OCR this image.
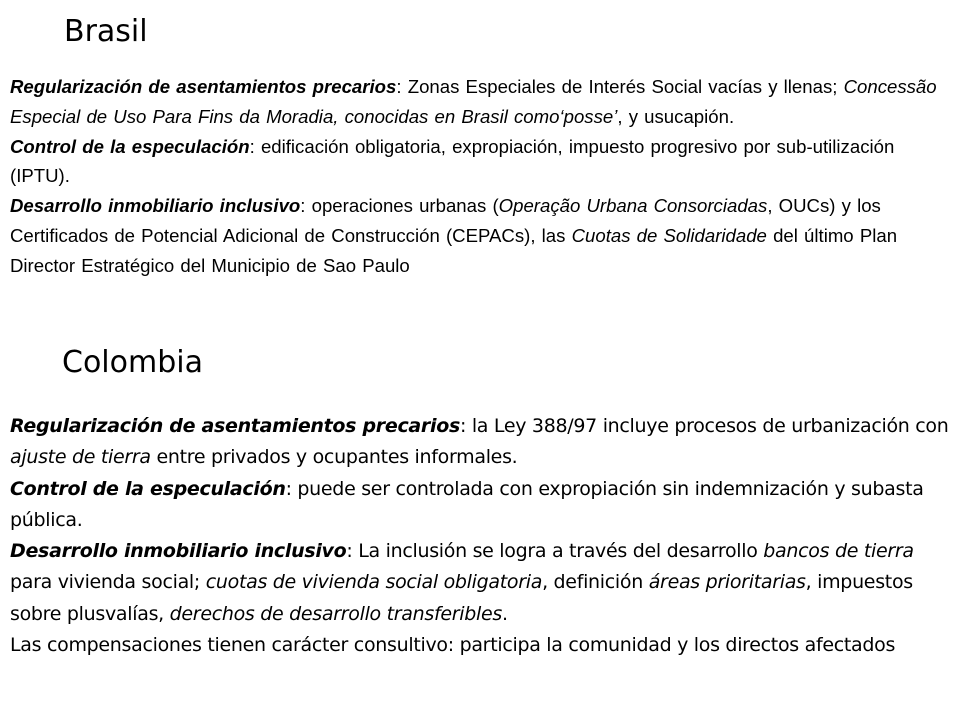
Brasil

Regularización de asentamientos precarios: Zonas Especiales de Interés Social vacías y llenas; Concessão Especial de Uso Para Fins da Moradia, conocidas en Brasil como‘posse’, y usucapión.

Control de la especulación: edificación obligatoria, expropiación, impuesto progresivo por sub-utilización (IPTU).

Desarrollo inmobiliario inclusivo: operaciones urbanas (Operação Urbana Consorciadas, OUCs) y los Certificados de Potencial Adicional de Construcción (CEPACs), las Cuotas de Solidaridade del último Plan Director Estratégico del Municipio de Sao Paulo

Colombia

Regularización de asentamientos precarios: la Ley 388/97 incluye procesos de urbanización con ajuste de tierra entre privados y ocupantes informales.

Control de la especulación: puede ser controlada con expropiación sin indemnización y subasta pública.

Desarrollo inmobiliario inclusivo: La inclusión se logra a través del desarrollo bancos de tierra para vivienda social; cuotas de vivienda social obligatoria, definición áreas prioritarias, impuestos sobre plusvalías, derechos de desarrollo transferibles.

Las compensaciones tienen carácter consultivo: participa la comunidad y los directos afectados
